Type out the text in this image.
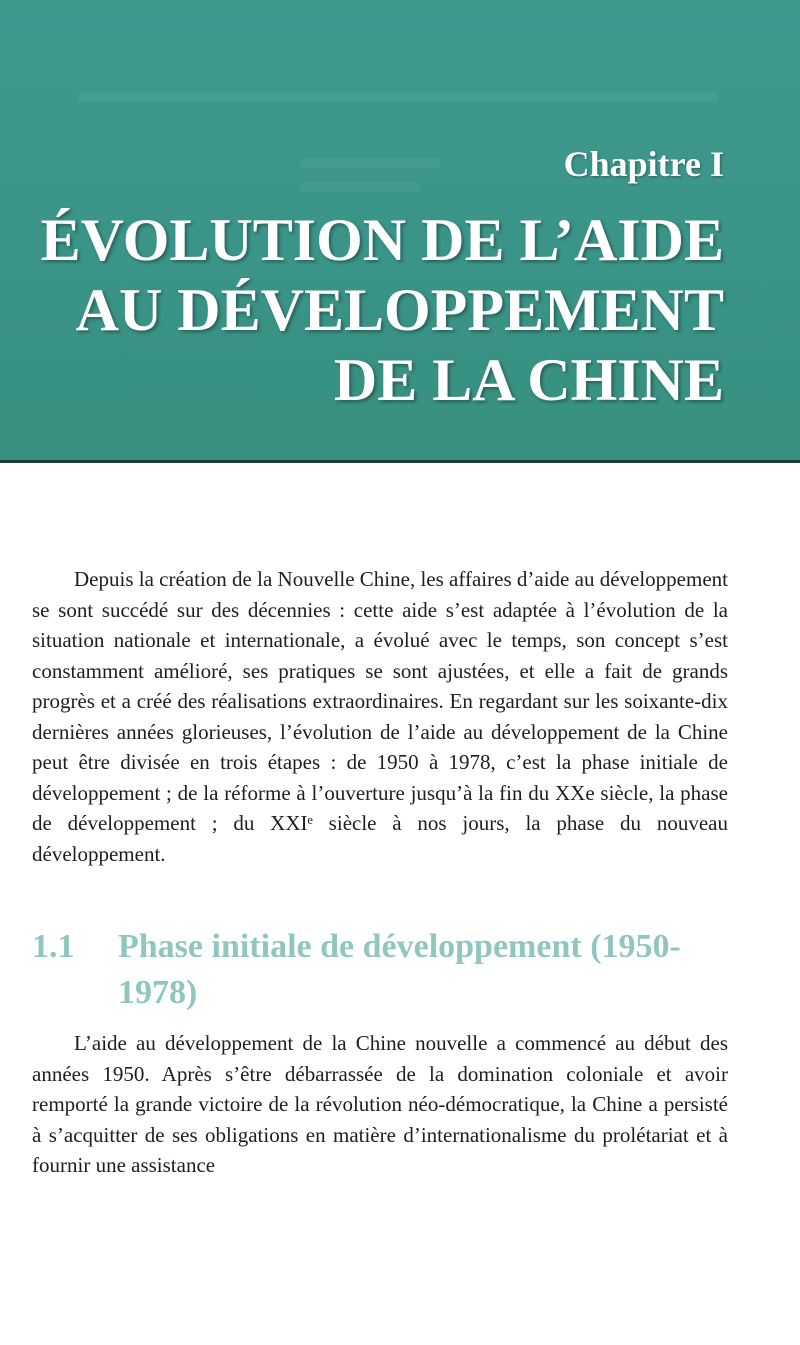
Chapitre I
ÉVOLUTION DE L’AIDE
AU DÉVELOPPEMENT
DE LA CHINE

Depuis la création de la Nouvelle Chine, les affaires d’aide au développement se sont succédé sur des décennies : cette aide s’est adaptée à l’évolution de la situation nationale et internationale, a évolué avec le temps, son concept s’est constamment amélioré, ses pratiques se sont ajustées, et elle a fait de grands progrès et a créé des réalisations extraordinaires. En regardant sur les soixante-dix dernières années glorieuses, l’évolution de l’aide au développement de la Chine peut être divisée en trois étapes : de 1950 à 1978, c’est la phase initiale de développement ; de la réforme à l’ouverture jusqu’à la fin du XXe siècle, la phase de développement ; du XXIᵉ siècle à nos jours, la phase du nouveau développement.

1.1 Phase initiale de développement (1950-1978)

L’aide au développement de la Chine nouvelle a commencé au début des années 1950. Après s’être débarrassée de la domination coloniale et avoir remporté la grande victoire de la révolution néo-démocratique, la Chine a persisté à s’acquitter de ses obligations en matière d’internationalisme du prolétariat et à fournir une assistance
